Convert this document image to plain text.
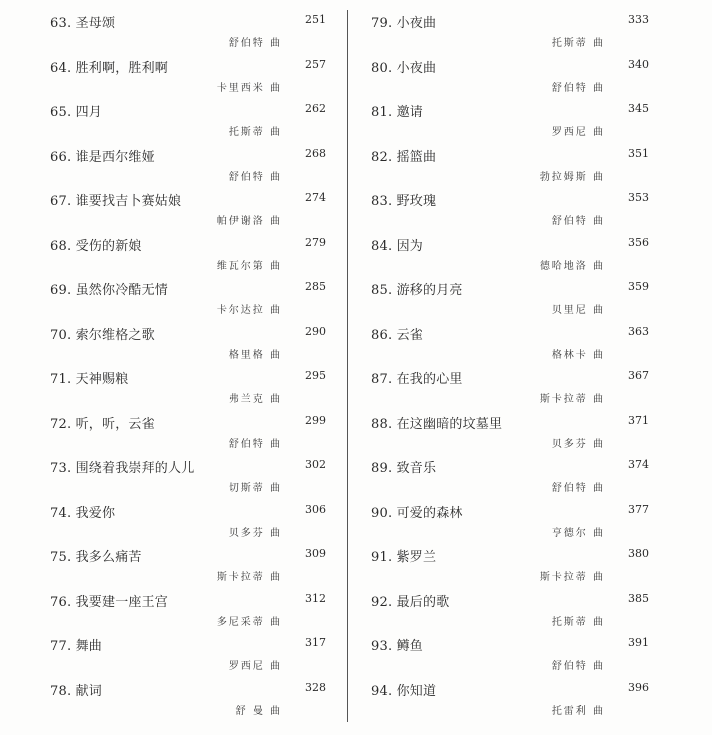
63. 圣母颂	251
舒伯特 曲
64. 胜利啊，胜利啊	257
卡里西米 曲
65. 四月	262
托斯蒂 曲
66. 谁是西尔维娅	268
舒伯特 曲
67. 谁要找吉卜赛姑娘	274
帕伊谢洛 曲
68. 受伤的新娘	279
维瓦尔第 曲
69. 虽然你冷酷无情	285
卡尔达拉 曲
70. 索尔维格之歌	290
格里格 曲
71. 天神赐粮	295
弗兰克 曲
72. 听，听，云雀	299
舒伯特 曲
73. 围绕着我崇拜的人儿	302
切斯蒂 曲
74. 我爱你	306
贝多芬 曲
75. 我多么痛苦	309
斯卡拉蒂 曲
76. 我要建一座王宫	312
多尼采蒂 曲
77. 舞曲	317
罗西尼 曲
78. 献词	328
舒 曼 曲
79. 小夜曲	333
托斯蒂 曲
80. 小夜曲	340
舒伯特 曲
81. 邀请	345
罗西尼 曲
82. 摇篮曲	351
勃拉姆斯 曲
83. 野玫瑰	353
舒伯特 曲
84. 因为	356
德哈地洛 曲
85. 游移的月亮	359
贝里尼 曲
86. 云雀	363
格林卡 曲
87. 在我的心里	367
斯卡拉蒂 曲
88. 在这幽暗的坟墓里	371
贝多芬 曲
89. 致音乐	374
舒伯特 曲
90. 可爱的森林	377
亨德尔 曲
91. 紫罗兰	380
斯卡拉蒂 曲
92. 最后的歌	385
托斯蒂 曲
93. 鳟鱼	391
舒伯特 曲
94. 你知道	396
托雷利 曲
